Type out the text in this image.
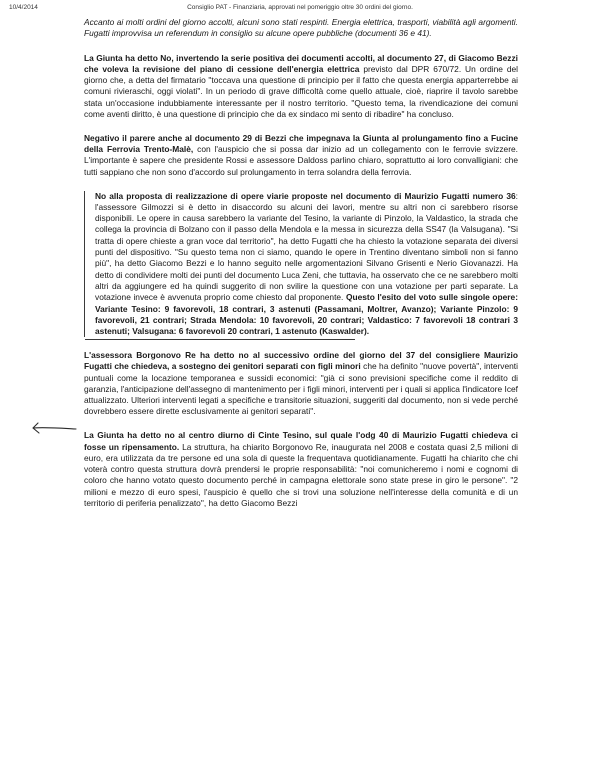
10/4/2014	Consiglio PAT - Finanziaria, approvati nel pomeriggio oltre 30 ordini del giorno.

Accanto ai molti ordini del giorno accolti, alcuni sono stati respinti. Energia elettrica, trasporti, viabilità agli argomenti. Fugatti improvvisa un referendum in consiglio su alcune opere pubbliche (documenti 36 e 41).

La Giunta ha detto No, invertendo la serie positiva dei documenti accolti, al documento 27, di Giacomo Bezzi che voleva la revisione del piano di cessione dell'energia elettrica previsto dal DPR 670/72. Un ordine del giorno che, a detta del firmatario "toccava una questione di principio per il fatto che questa energia apparterrebbe ai comuni rivieraschi, oggi violati". In un periodo di grave difficoltà come quello attuale, cioè, riaprire il tavolo sarebbe stata un'occasione indubbiamente interessante per il nostro territorio. "Questo tema, la rivendicazione dei comuni come aventi diritto, è una questione di principio che da ex sindaco mi sento di ribadire" ha concluso.

Negativo il parere anche al documento 29 di Bezzi che impegnava la Giunta al prolungamento fino a Fucine della Ferrovia Trento-Malè, con l'auspicio che si possa dar inizio ad un collegamento con le ferrovie svizzere. L'importante è sapere che presidente Rossi e assessore Daldoss parlino chiaro, soprattutto ai loro convalligiani: che tutti sappiano che non sono d'accordo sul prolungamento in terra solandra della ferrovia.

No alla proposta di realizzazione di opere viarie proposte nel documento di Maurizio Fugatti numero 36: l'assessore Gilmozzi si è detto in disaccordo su alcuni dei lavori, mentre su altri non ci sarebbero risorse disponibili. Le opere in causa sarebbero la variante del Tesino, la variante di Pinzolo, la Valdastico, la strada che collega la provincia di Bolzano con il passo della Mendola e la messa in sicurezza della SS47 (la Valsugana). "Si tratta di opere chieste a gran voce dal territorio", ha detto Fugatti che ha chiesto la votazione separata dei diversi punti del dispositivo. "Su questo tema non ci siamo, quando le opere in Trentino diventano simboli non si fanno più", ha detto Giacomo Bezzi e lo hanno seguito nelle argomentazioni Silvano Grisenti e Nerio Giovanazzi. Ha detto di condividere molti dei punti del documento Luca Zeni, che tuttavia, ha osservato che ce ne sarebbero molti altri da aggiungere ed ha quindi suggerito di non svilire la questione con una votazione per parti separate. La votazione invece è avvenuta proprio come chiesto dal proponente. Questo l'esito del voto sulle singole opere: Variante Tesino: 9 favorevoli, 18 contrari, 3 astenuti (Passamani, Moltrer, Avanzo); Variante Pinzolo: 9 favorevoli, 21 contrari; Strada Mendola: 10 favorevoli, 20 contrari; Valdastico: 7 favorevoli 18 contrari 3 astenuti; Valsugana: 6 favorevoli 20 contrari, 1 astenuto (Kaswalder).

L'assessora Borgonovo Re ha detto no al successivo ordine del giorno del 37 del consigliere Maurizio Fugatti che chiedeva, a sostegno dei genitori separati con figli minori che ha definito "nuove povertà", interventi puntuali come la locazione temporanea e sussidi economici: "già ci sono previsioni specifiche come il reddito di garanzia, l'anticipazione dell'assegno di mantenimento per i figli minori, interventi per i quali si applica l'indicatore Icef attualizzato. Ulteriori interventi legati a specifiche e transitorie situazioni, suggeriti dal documento, non si vede perché dovrebbero essere dirette esclusivamente ai genitori separati".

La Giunta ha detto no al centro diurno di Cinte Tesino, sul quale l'odg 40 di Maurizio Fugatti chiedeva ci fosse un ripensamento. La struttura, ha chiarito Borgonovo Re, inaugurata nel 2008 e costata quasi 2,5 milioni di euro, era utilizzata da tre persone ed una sola di queste la frequentava quotidianamente. Fugatti ha chiarito che chi voterà contro questa struttura dovrà prendersi le proprie responsabilità: "noi comunicheremo i nomi e cognomi di coloro che hanno votato questo documento perché in campagna elettorale sono state prese in giro le persone". "2 milioni e mezzo di euro spesi, l'auspicio è quello che si trovi una soluzione nell'interesse della comunità e di un territorio di periferia penalizzato", ha detto Giacomo Bezzi
